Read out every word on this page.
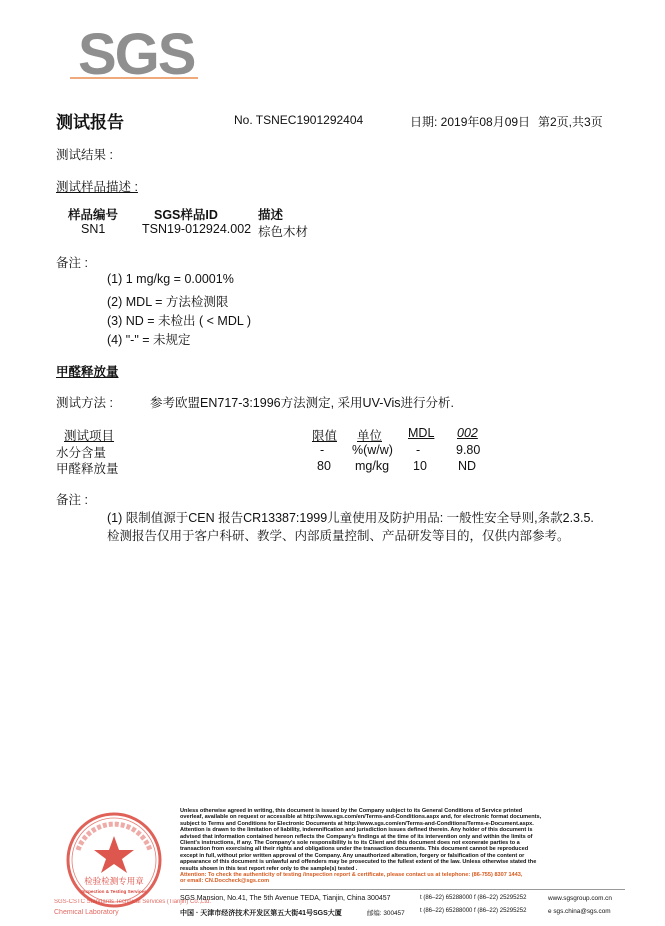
SGS
测试报告	No. TSNEC1901292404	日期: 2019年08月09日 第2页,共3页
测试结果 :
测试样品描述 :
样品编号	SGS样品ID	描述
SN1	TSN19-012924.002 棕色木材
备注 :
(1) 1 mg/kg = 0.0001%
(2) MDL = 方法检测限
(3) ND = 未检出 ( < MDL )
(4) "-" = 未规定
甲醛释放量
测试方法 :	参考欧盟EN717-3:1996方法测定, 采用UV-Vis进行分析.
测试项目	限值 单位 MDL 002
水分含量	- %(w/w) -	9.80
甲醛释放量	80 mg/kg 10 ND
备注 :
(1) 限制值源于CEN 报告CR13387:1999儿童使用及防护用品: 一般性安全导则,条款2.3.5.
检测报告仅用于客户科研、教学、内部质量控制、产品研发等目的，仅供内部参考。
检验检测专用章
Inspection & Testing Services
SGS-CSTC Standards Technical Services (Tianjin) Co.,Ltd.
Chemical Laboratory
Unless otherwise agreed in writing, this document is issued by the Company subject to its General Conditions of Service printed
overleaf, available on request or accessible at http://www.sgs.com/en/Terms-and-Conditions.aspx and, for electronic format documents,
subject to Terms and Conditions for Electronic Documents at http://www.sgs.com/en/Terms-and-Conditions/Terms-e-Document.aspx.
Attention is drawn to the limitation of liability, indemnification and jurisdiction issues defined therein. Any holder of this document is
advised that information contained hereon reflects the Company's findings at the time of its intervention only and within the limits of
Client's instructions, if any. The Company's sole responsibility is to its Client and this document does not exonerate parties to a
transaction from exercising all their rights and obligations under the transaction documents. This document cannot be reproduced
except in full, without prior written approval of the Company. Any unauthorized alteration, forgery or falsification of the content or
appearance of this document is unlawful and offenders may be prosecuted to the fullest extent of the law. Unless otherwise stated the
results shown in this test report refer only to the sample(s) tested .
Attention: To check the authenticity of testing /inspection report & certificate, please contact us at telephone: (86-755) 8307 1443,
or email: CN.Doccheck@sgs.com
SGS Mansion, No.41, The 5th Avenue TEDA, Tianjin, China 300457	t (86–22) 65288000 f (86–22) 25295252	www.sgsgroup.com.cn
中国 · 天津市经济技术开发区第五大街41号SGS大厦	邮编: 300457	t (86–22) 65288000 f (86–22) 25295252	e sgs.china@sgs.com
